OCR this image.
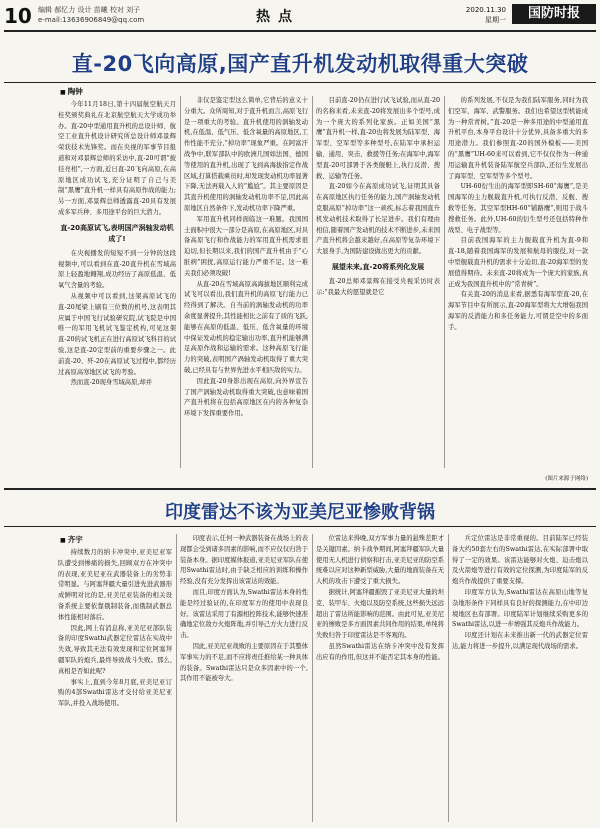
10 编辑 郝忆力 设计 苗曦 校对 刘子
e-mail:13636906849@qq.com	热点	2020.11.30
星期一	国防时报
直-20飞向高原,国产直升机发动机取得重大突破
■ 陶钟

今年11月18日,第十四届航空航天月桂奖颁奖典礼在北京航空航天大学成功举办。直-20中型通用直升机的总设计师、航空工业直升机设计研究所总设计师邓景辉荣获技术先锋奖。而在央视的军事节目报道和对邓景辉总师的采访中,直-20可谓“披挂亮相”,一方面,近日直-20飞向高原,在高原地区成功试飞,充分证明了自己与美制“黑鹰”直升机一样具有高原作战的能力;另一方面,邓景辉总师透露直-20具有发展成多军兵种、多用途平台的巨大潜力。

直-20高原试飞,表明国产涡轴发动机成了!

在央视播发的短短不到一分钟的这段视频中,可以看到在直-20直升机在雪域高原上轻盈地翱翔,成功经历了高原低温、低氧气含量的考验。

从视频中可以看到,这架高原试飞的直-20尾梁上刷有三位数的机号,这表明其应属于中国飞行试验研究院,试飞院是中国唯一的军用飞机试飞鉴定机构,可见这架直-20的试飞机正在进行高原试飞科目的试验,这是直-20定型前的重要步骤之一。此前直-20、歼-20在高原试飞过程中,都经历过高原高寒地区试飞的考验。

然而直-20现身雪域高原,却并

非仅是鉴定型这么简单,它背后的意义十分重大。众所周知,对于直升机而言,高原飞行是一项重大的考验。直升机使用的涡轴发动机,在低温、低气压、低含氧量的高原地区,工作性能不充分,“掉功率”现象严重。在阿富汗战争中,联军部队中的欧洲几国如法国、德国等使用的直升机,出现了飞到高海拔指定作战区域,打算搭载乘员时,却发现发动机功率显著下降,无法再载入人的“尴尬”。其主要原因是其直升机使用的涡轴发动机功率不足,因此高原地区自然条件下,发动机功率下降严重。

军用直升机同样面临这一难题。我国国土面积中很大一部分是高原,在高原地区,对具备高原飞行和作战能力的军用直升机需求很迫切,但长期以来,我们的国产直升机由于“心脏病”困扰,高原运行能力严重不足。这一难关我们必须攻破!

从直-20在雪域高原高海拔地区顺利完成试飞可以看出,我们直升机的高原飞行能力已经得到了解决。自当前的涡轴发动机的功率余度显著提升,其性能相比之前有了质的飞跃,能够在高原的低温、低压、低含氧量的环境中保证发动机的稳定输出功率,直升机能够满足高原作战和运输的需求。这种高原飞行能力的突破,表明国产涡轴发动机取得了重大突破,已经具有与世界先进水平相匹敌的实力。

因此直-20身影出现在高原,向外界宣告了国产涡轴发动机取得重大突破,也意味着国产直升机将在包括高原地区在内的各种复杂环境下发挥重要作用。

目前直-20仍在进行试飞试验,而从直-20的名称来看,未来直-20将发展出多个型号,成为一个庞大的系列化家族。正如美国“黑鹰”直升机一样,直-20也将发展为陆军型、海军型、空军型等多种型号,在陆军中承担运输、通用、突击、救援等任务;在海军中,海军型直-20可部署于各类舰艇上,执行反潜、搜救、运输等任务。

直-20如今在高原成功试飞,证明其具备在高原地区执行任务的能力,国产涡轴发动机克服高原“掉功率”这一顽疾,标志着我国直升机发动机技术取得了长足进步。我们有理由相信,随着国产发动机的技术不断进步,未来国产直升机将会越来越好,在高原等复杂环境下大显身手,为国防建设做出更大的贡献。

展望未来,直-20将系列化发展

直-20总师邓景辉在接受央视采访时表示:“我最大的愿望就是它

的系列发展,不仅是为我们陆军服务,同时为我们空军、海军、武警服务。我们也希望这型机能成为一种常青树。”直-20是一种多用途的中型通用直升机平台,本身平台设计十分优异,具备多重大的多用途潜力。我们参照直-20的国外模板——美国的“黑鹰”UH-60来可以看到,它不仅仅作为一种通用运输直升机装备陆军航空兵部队,还衍生发展出了海军型、空军型等多个型号。

UH-60衍生出的海军型即SH-60“海鹰”,是美国海军的主力舰载直升机,可执行反潜、反舰、搜救等任务。其空军型HH-60“铺路鹰”,则用于战斗搜救任务。此外,UH-60的衍生型号还包括特种作战型、电子战型等。

目前我国海军的主力舰载直升机为直-9和直-18,随着我国海军的发展和航母的服役,对一款中型舰载直升机的需求十分迫切,直-20海军型的发展值得期待。未来直-20将成为一个庞大的家族,真正成为我国直升机中的“常青树”。

有关直-20的消息来看,据悉有海军型直-20,在海军节目中有所展示,直-20海军型将大大增强我国海军的反潜能力和多任务能力,可谓是空中的多面手。

(图片来源于网络)
印度雷达不该为亚美尼亚惨败背锅
■ 齐宇

持续数月的纳卡冲突中,亚美尼亚军队遭受到惨痛的损失,回顾双方在冲突中的表现,亚美尼亚在武器装备上的劣势非常明显。与阿塞拜疆大量引进先进武器形成鲜明对比的是,亚美尼亚装备的相关设备系统主要依靠俄制装备,而俄制武器总体性能相对落后。

因此,网上有消息称,亚美尼亚部队装备的印度Swathi武器定位雷达在实战中失效,导致其无法有效发现和定位阿塞拜疆军队的炮兵,最终导致战斗失败。那么,真相是否如此呢?

事实上,直到今年8月底,亚美尼亚订购的4部Swathi雷达才交付给亚美尼亚军队,并投入战场使用。

印度表示,任何一种武器装备在战场上的表现都会受到诸多因素的影响,而不应仅仅归咎于装备本身。据印度媒体报道,亚美尼亚军队在使用Swathi雷达时,由于缺乏相应的训练和操作经验,没有充分发挥出该雷达的效能。

而且,印度方面认为,Swathi雷达本身的性能是经过验证的,在印度军方的使用中表现良好。该雷达采用了有源相控阵技术,能够快速准确地定位敌方火炮阵地,并引导己方火力进行反击。

因此,亚美尼亚战败的主要原因在于其整体军事实力的不足,而不应将责任推给某一种具体的装备。Swathi雷达只是众多因素中的一个,其作用不能被夸大。

位雷达来得晚,双方军事力量的悬殊差距才是关键因素。纳卡战争期间,阿塞拜疆军队大量使用无人机进行侦察和打击,亚美尼亚的防空系统难以应对这种新型威胁,大量的地面装备在无人机的攻击下遭受了重大损失。

据统计,阿塞拜疆摧毁了亚美尼亚大量的坦克、装甲车、火炮以及防空系统,这些损失远远超出了雷达所能影响的范围。由此可见,亚美尼亚的惨败是多方面因素共同作用的结果,单纯将失败归咎于印度雷达是不客观的。

虽然Swathi雷达在纳卡冲突中没有发挥出应有的作用,但这并不能否定其本身的性能。

兵定位雷达是非常重视的。目前陆军已经装备大约50套左右的Swathi雷达,在实际部署中取得了一定的效果。该雷达能够对火炮、迫击炮以及火箭炮等进行有效的定位探测,为印度陆军的反炮兵作战提供了重要支撑。

印度军方认为,Swathi雷达在高原山地等复杂地形条件下同样具有良好的探测能力,在中印边境地区也有部署。印度陆军计划继续采购更多的Swathi雷达,以进一步增强其反炮兵作战能力。

印度还计划在未来推出新一代的武器定位雷达,能力将进一步提升,以满足现代战场的需求。
